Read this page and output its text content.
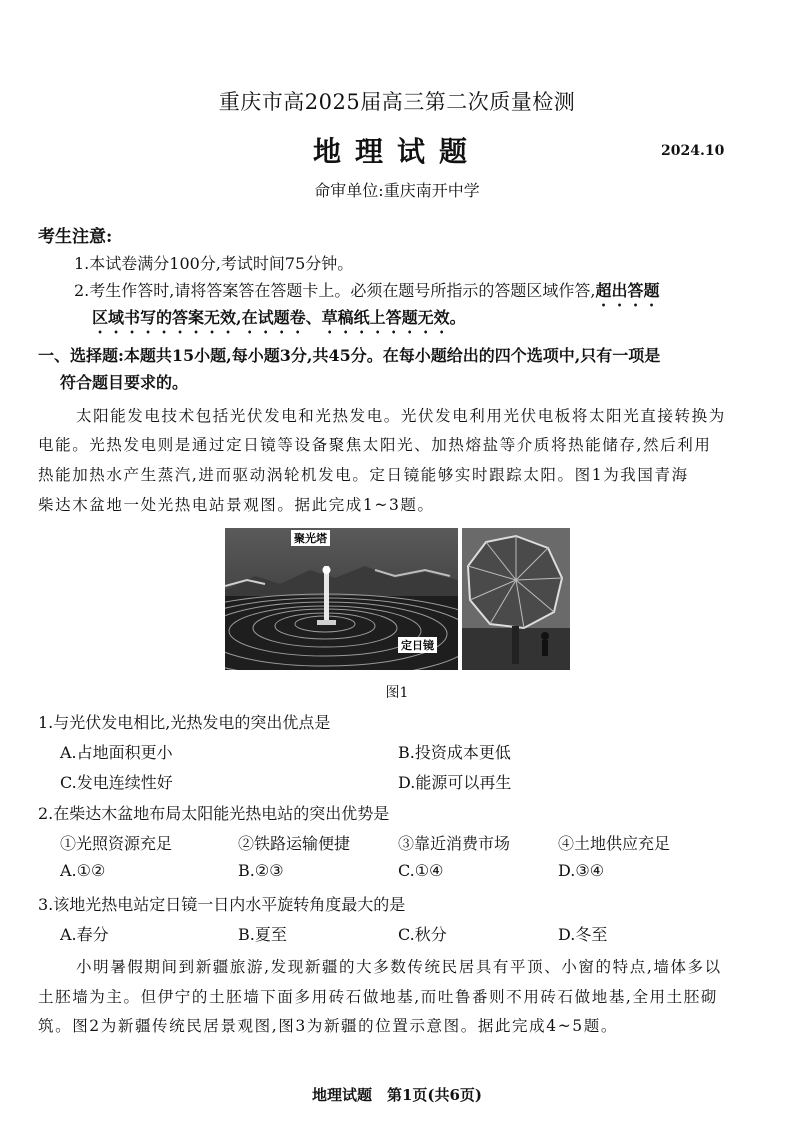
重庆市高2025届高三第二次质量检测
地理试题	2024.10
命审单位:重庆南开中学
考生注意:
1.本试卷满分100分,考试时间75分钟。
2.考生作答时,请将答案答在答题卡上。必须在题号所指示的答题区域作答,超出答题
区域书写的答案无效,在试题卷、草稿纸上答题无效。
一、选择题:本题共15小题,每小题3分,共45分。在每小题给出的四个选项中,只有一项是
符合题目要求的。
太阳能发电技术包括光伏发电和光热发电。光伏发电利用光伏电板将太阳光直接转换为
电能。光热发电则是通过定日镜等设备聚焦太阳光、加热熔盐等介质将热能储存,然后利用
热能加热水产生蒸汽,进而驱动涡轮机发电。定日镜能够实时跟踪太阳。图1为我国青海
柴达木盆地一处光热电站景观图。据此完成1~3题。
聚光塔
定日镜
图1
1.与光伏发电相比,光热发电的突出优点是
A.占地面积更小	B.投资成本更低
C.发电连续性好	D.能源可以再生
2.在柴达木盆地布局太阳能光热电站的突出优势是
①光照资源充足	②铁路运输便捷	③靠近消费市场	④土地供应充足
A.①②	B.②③	C.①④	D.③④
3.该地光热电站定日镜一日内水平旋转角度最大的是
A.春分	B.夏至	C.秋分	D.冬至
小明暑假期间到新疆旅游,发现新疆的大多数传统民居具有平顶、小窗的特点,墙体多以
土胚墙为主。但伊宁的土胚墙下面多用砖石做地基,而吐鲁番则不用砖石做地基,全用土胚砌
筑。图2为新疆传统民居景观图,图3为新疆的位置示意图。据此完成4~5题。
地理试题　第1页(共6页)
